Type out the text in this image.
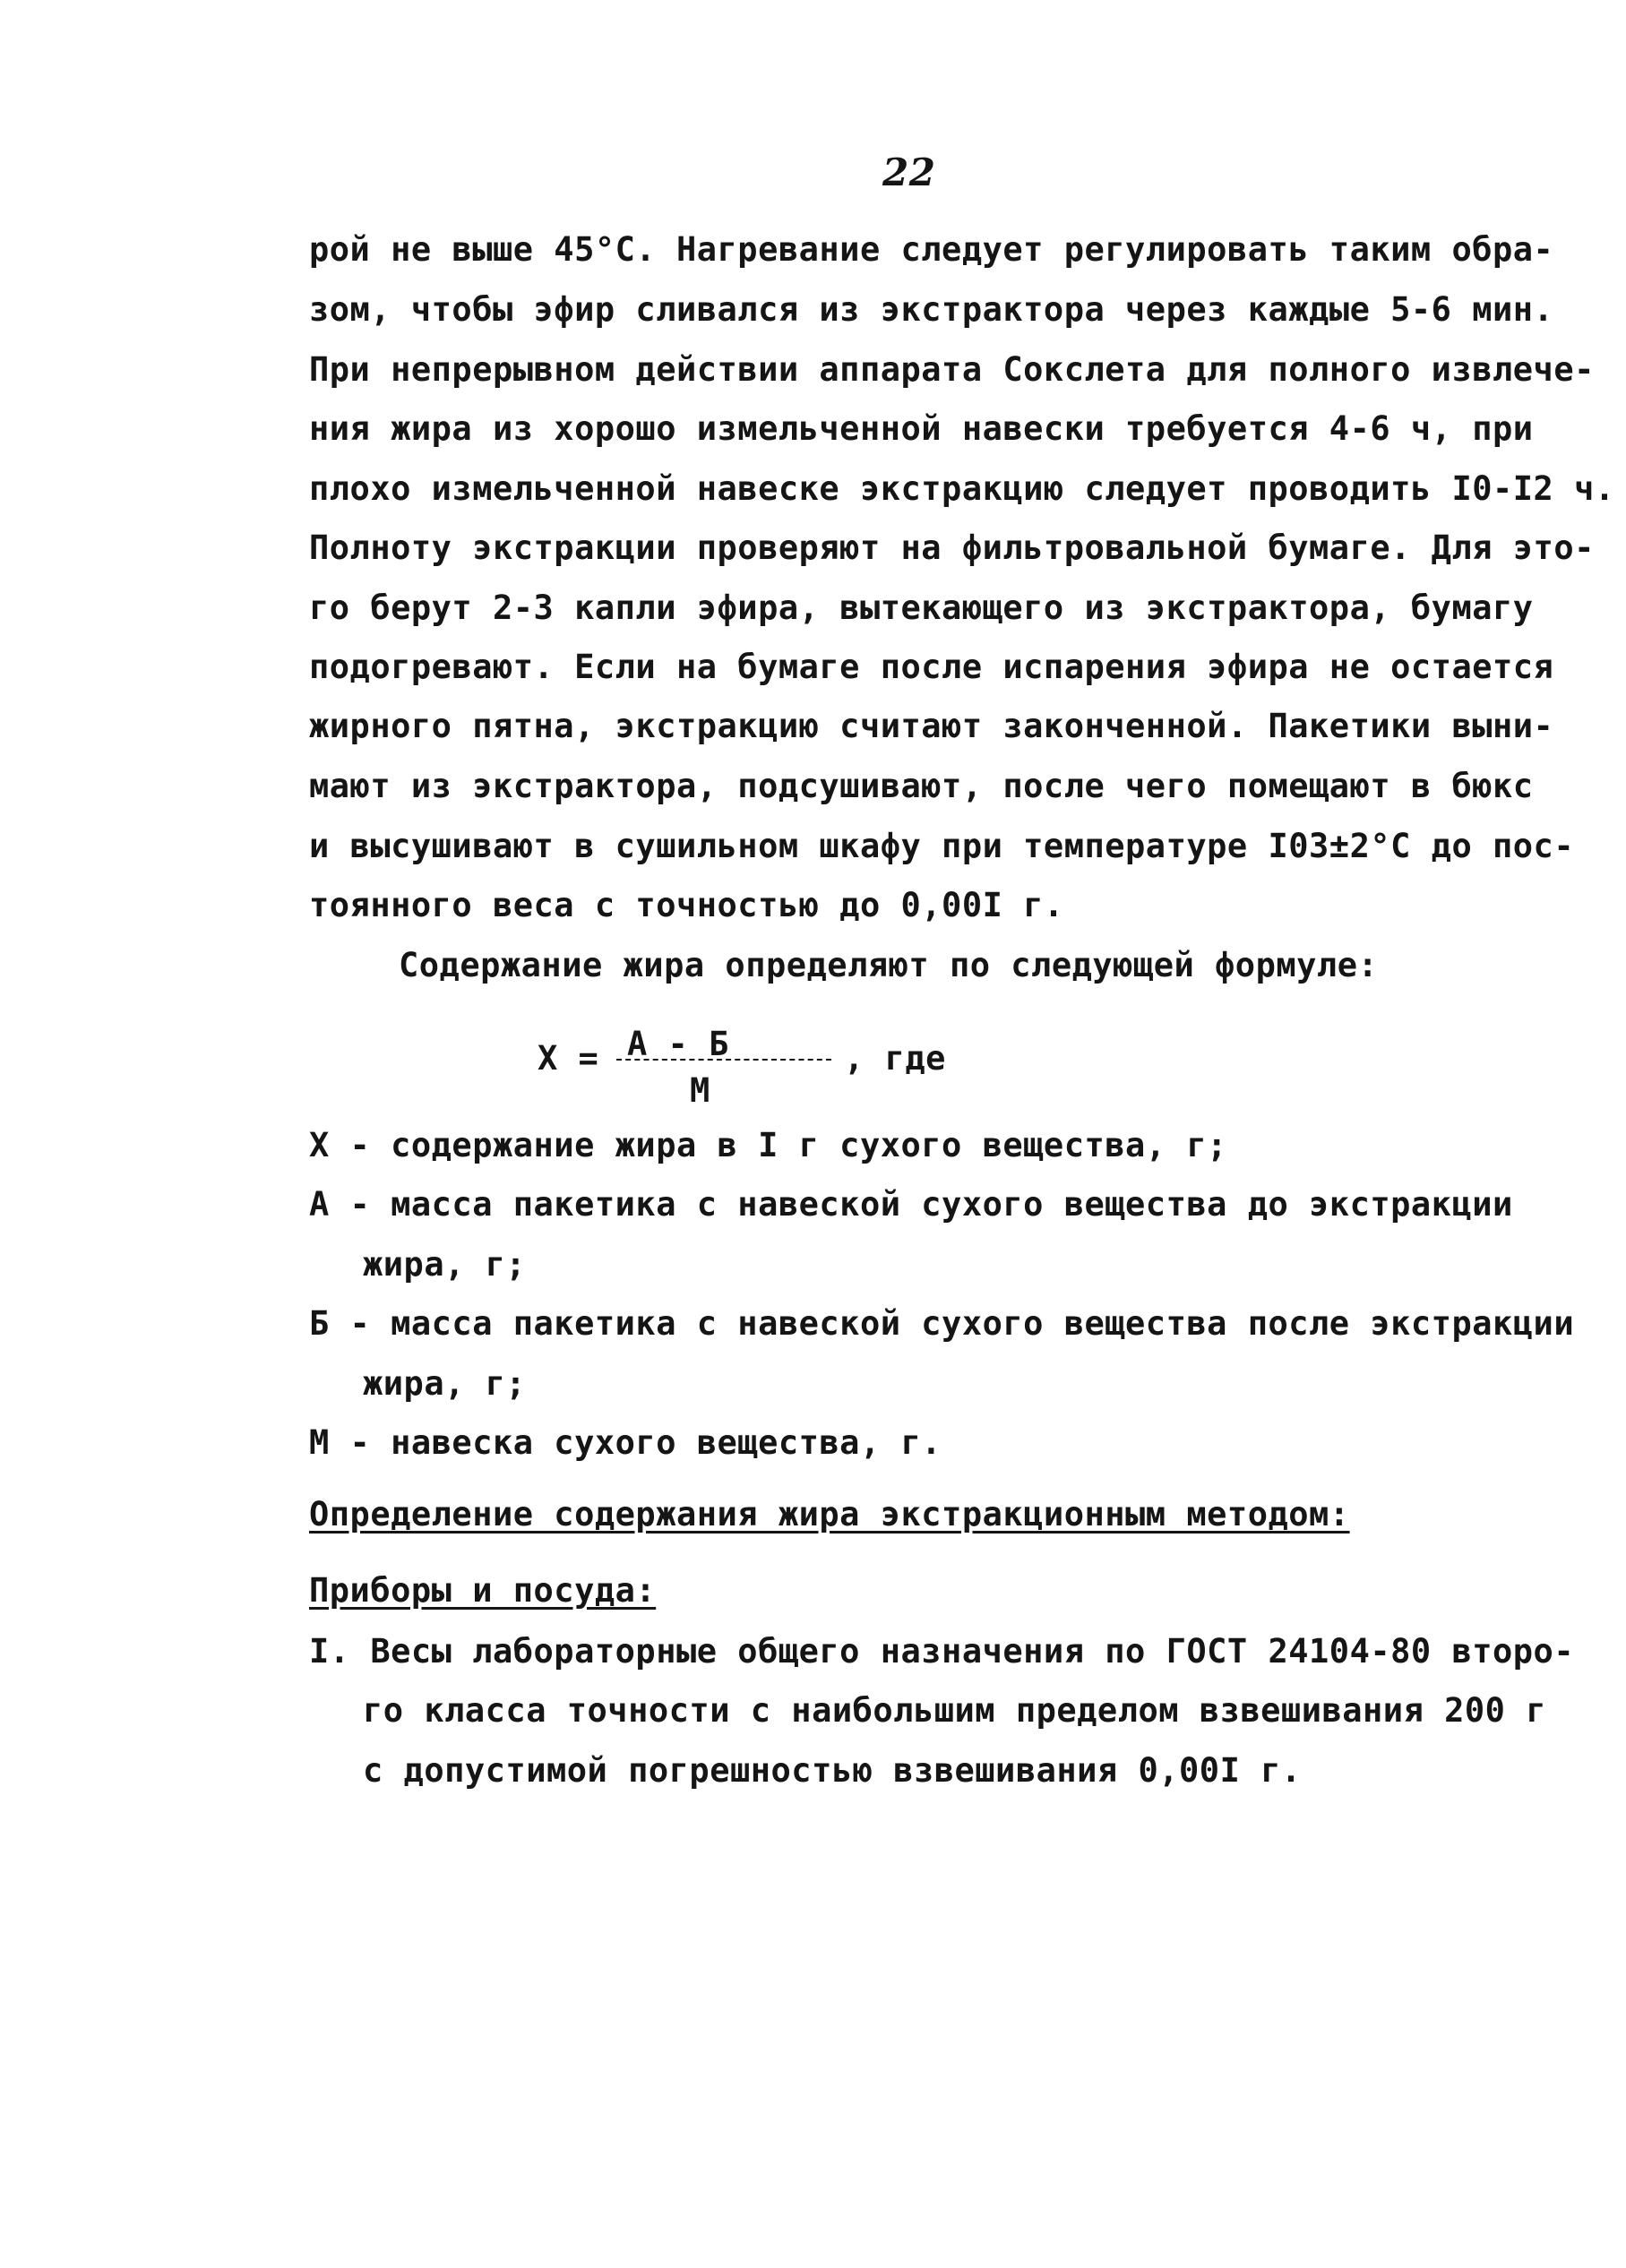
22
рой не выше 45°С. Нагревание следует регулировать таким обра-
зом, чтобы эфир сливался из экстрактора через каждые 5-6 мин.
При непрерывном действии аппарата Сокслета для полного извлече-
ния жира из хорошо измельченной навески требуется 4-6 ч, при
плохо измельченной навеске экстракцию следует проводить I0-I2 ч.
Полноту экстракции проверяют на фильтровальной бумаге. Для это-
го берут 2-3 капли эфира, вытекающего из экстрактора, бумагу
подогревают. Если на бумаге после испарения эфира не остается
жирного пятна, экстракцию считают законченной. Пакетики выни-
мают из экстрактора, подсушивают, после чего помещают в бюкс
и высушивают в сушильном шкафу при температуре I03±2°С до пос-
тоянного веса с точностью до 0,00I г.
Содержание жира определяют по следующей формуле:
X = А - Б
М
, где
X - содержание жира в I г сухого вещества, г;
А - масса пакетика с навеской сухого вещества до экстракции
жира, г;
Б - масса пакетика с навеской сухого вещества после экстракции
жира, г;
М - навеска сухого вещества, г.
Определение содержания жира экстракционным методом:
Приборы и посуда:
I. Весы лабораторные общего назначения по ГОСТ 24104-80 второ-
го класса точности с наибольшим пределом взвешивания 200 г
с допустимой погрешностью взвешивания 0,00I г.
